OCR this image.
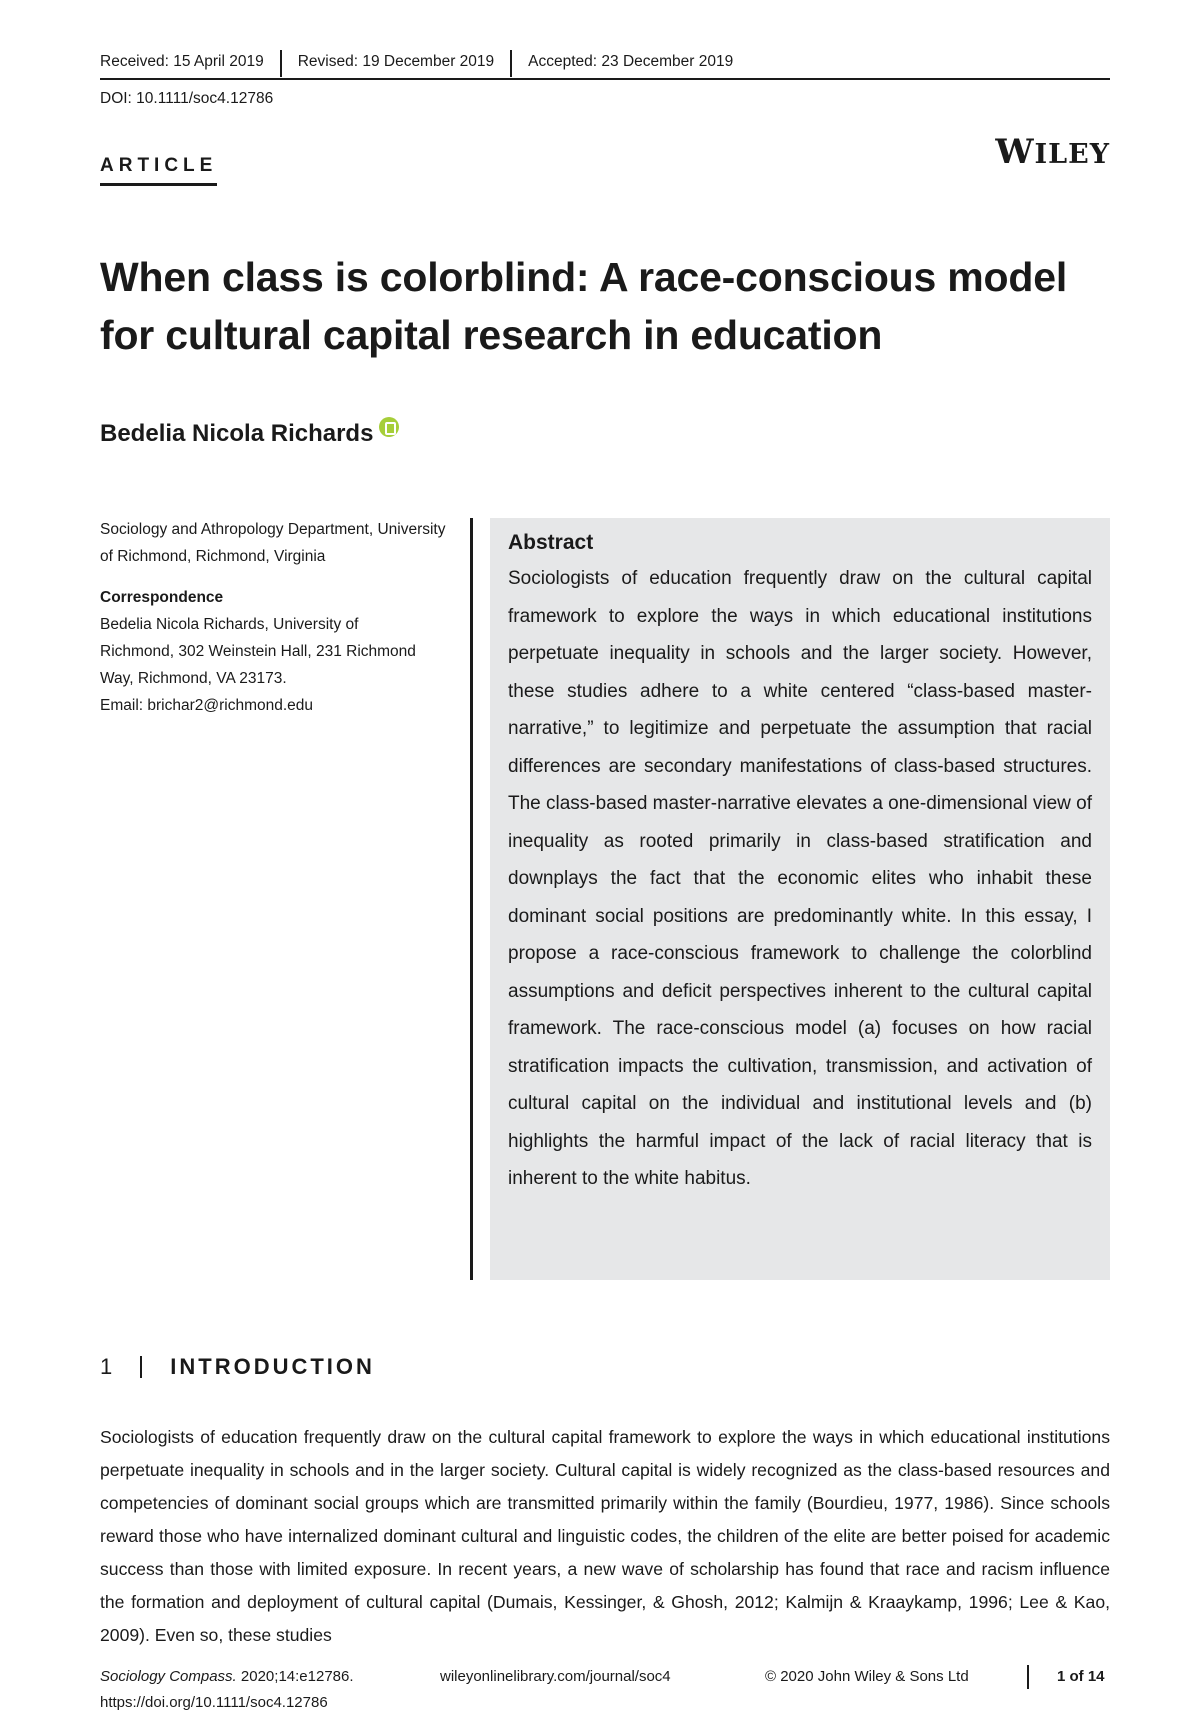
Received: 15 April 2019	Revised: 19 December 2019	Accepted: 23 December 2019
DOI: 10.1111/soc4.12786
ARTICLE	WILEY
When class is colorblind: A race-conscious model for cultural capital research in education
Bedelia Nicola Richards
Sociology and Athropology Department, University of Richmond, Richmond, Virginia
Correspondence
Bedelia Nicola Richards, University of
Richmond, 302 Weinstein Hall, 231 Richmond
Way, Richmond, VA 23173.
Email: brichar2@richmond.edu
Abstract

Sociologists of education frequently draw on the cultural capital framework to explore the ways in which educational institutions perpetuate inequality in schools and the larger society. However, these studies adhere to a white centered “class-based master-narrative,” to legitimize and perpetuate the assumption that racial differences are secondary manifestations of class-based structures. The class-based master-narrative elevates a one-dimensional view of inequality as rooted primarily in class-based stratification and downplays the fact that the economic elites who inhabit these dominant social positions are predominantly white. In this essay, I propose a race-conscious framework to challenge the colorblind assumptions and deficit perspectives inherent to the cultural capital framework. The race-conscious model (a) focuses on how racial stratification impacts the cultivation, transmission, and activation of cultural capital on the individual and institutional levels and (b) highlights the harmful impact of the lack of racial literacy that is inherent to the white habitus.

1	INTRODUCTION

Sociologists of education frequently draw on the cultural capital framework to explore the ways in which educational institutions perpetuate inequality in schools and in the larger society. Cultural capital is widely recognized as the class-based resources and competencies of dominant social groups which are transmitted primarily within the family (Bourdieu, 1977, 1986). Since schools reward those who have internalized dominant cultural and linguistic codes, the children of the elite are better poised for academic success than those with limited exposure. In recent years, a new wave of scholarship has found that race and racism influence the formation and deployment of cultural capital (Dumais, Kessinger, & Ghosh, 2012; Kalmijn & Kraaykamp, 1996; Lee & Kao, 2009). Even so, these studies

Sociology Compass. 2020;14:e12786.	wileyonlinelibrary.com/journal/soc4	© 2020 John Wiley & Sons Ltd	1 of 14
https://doi.org/10.1111/soc4.12786
